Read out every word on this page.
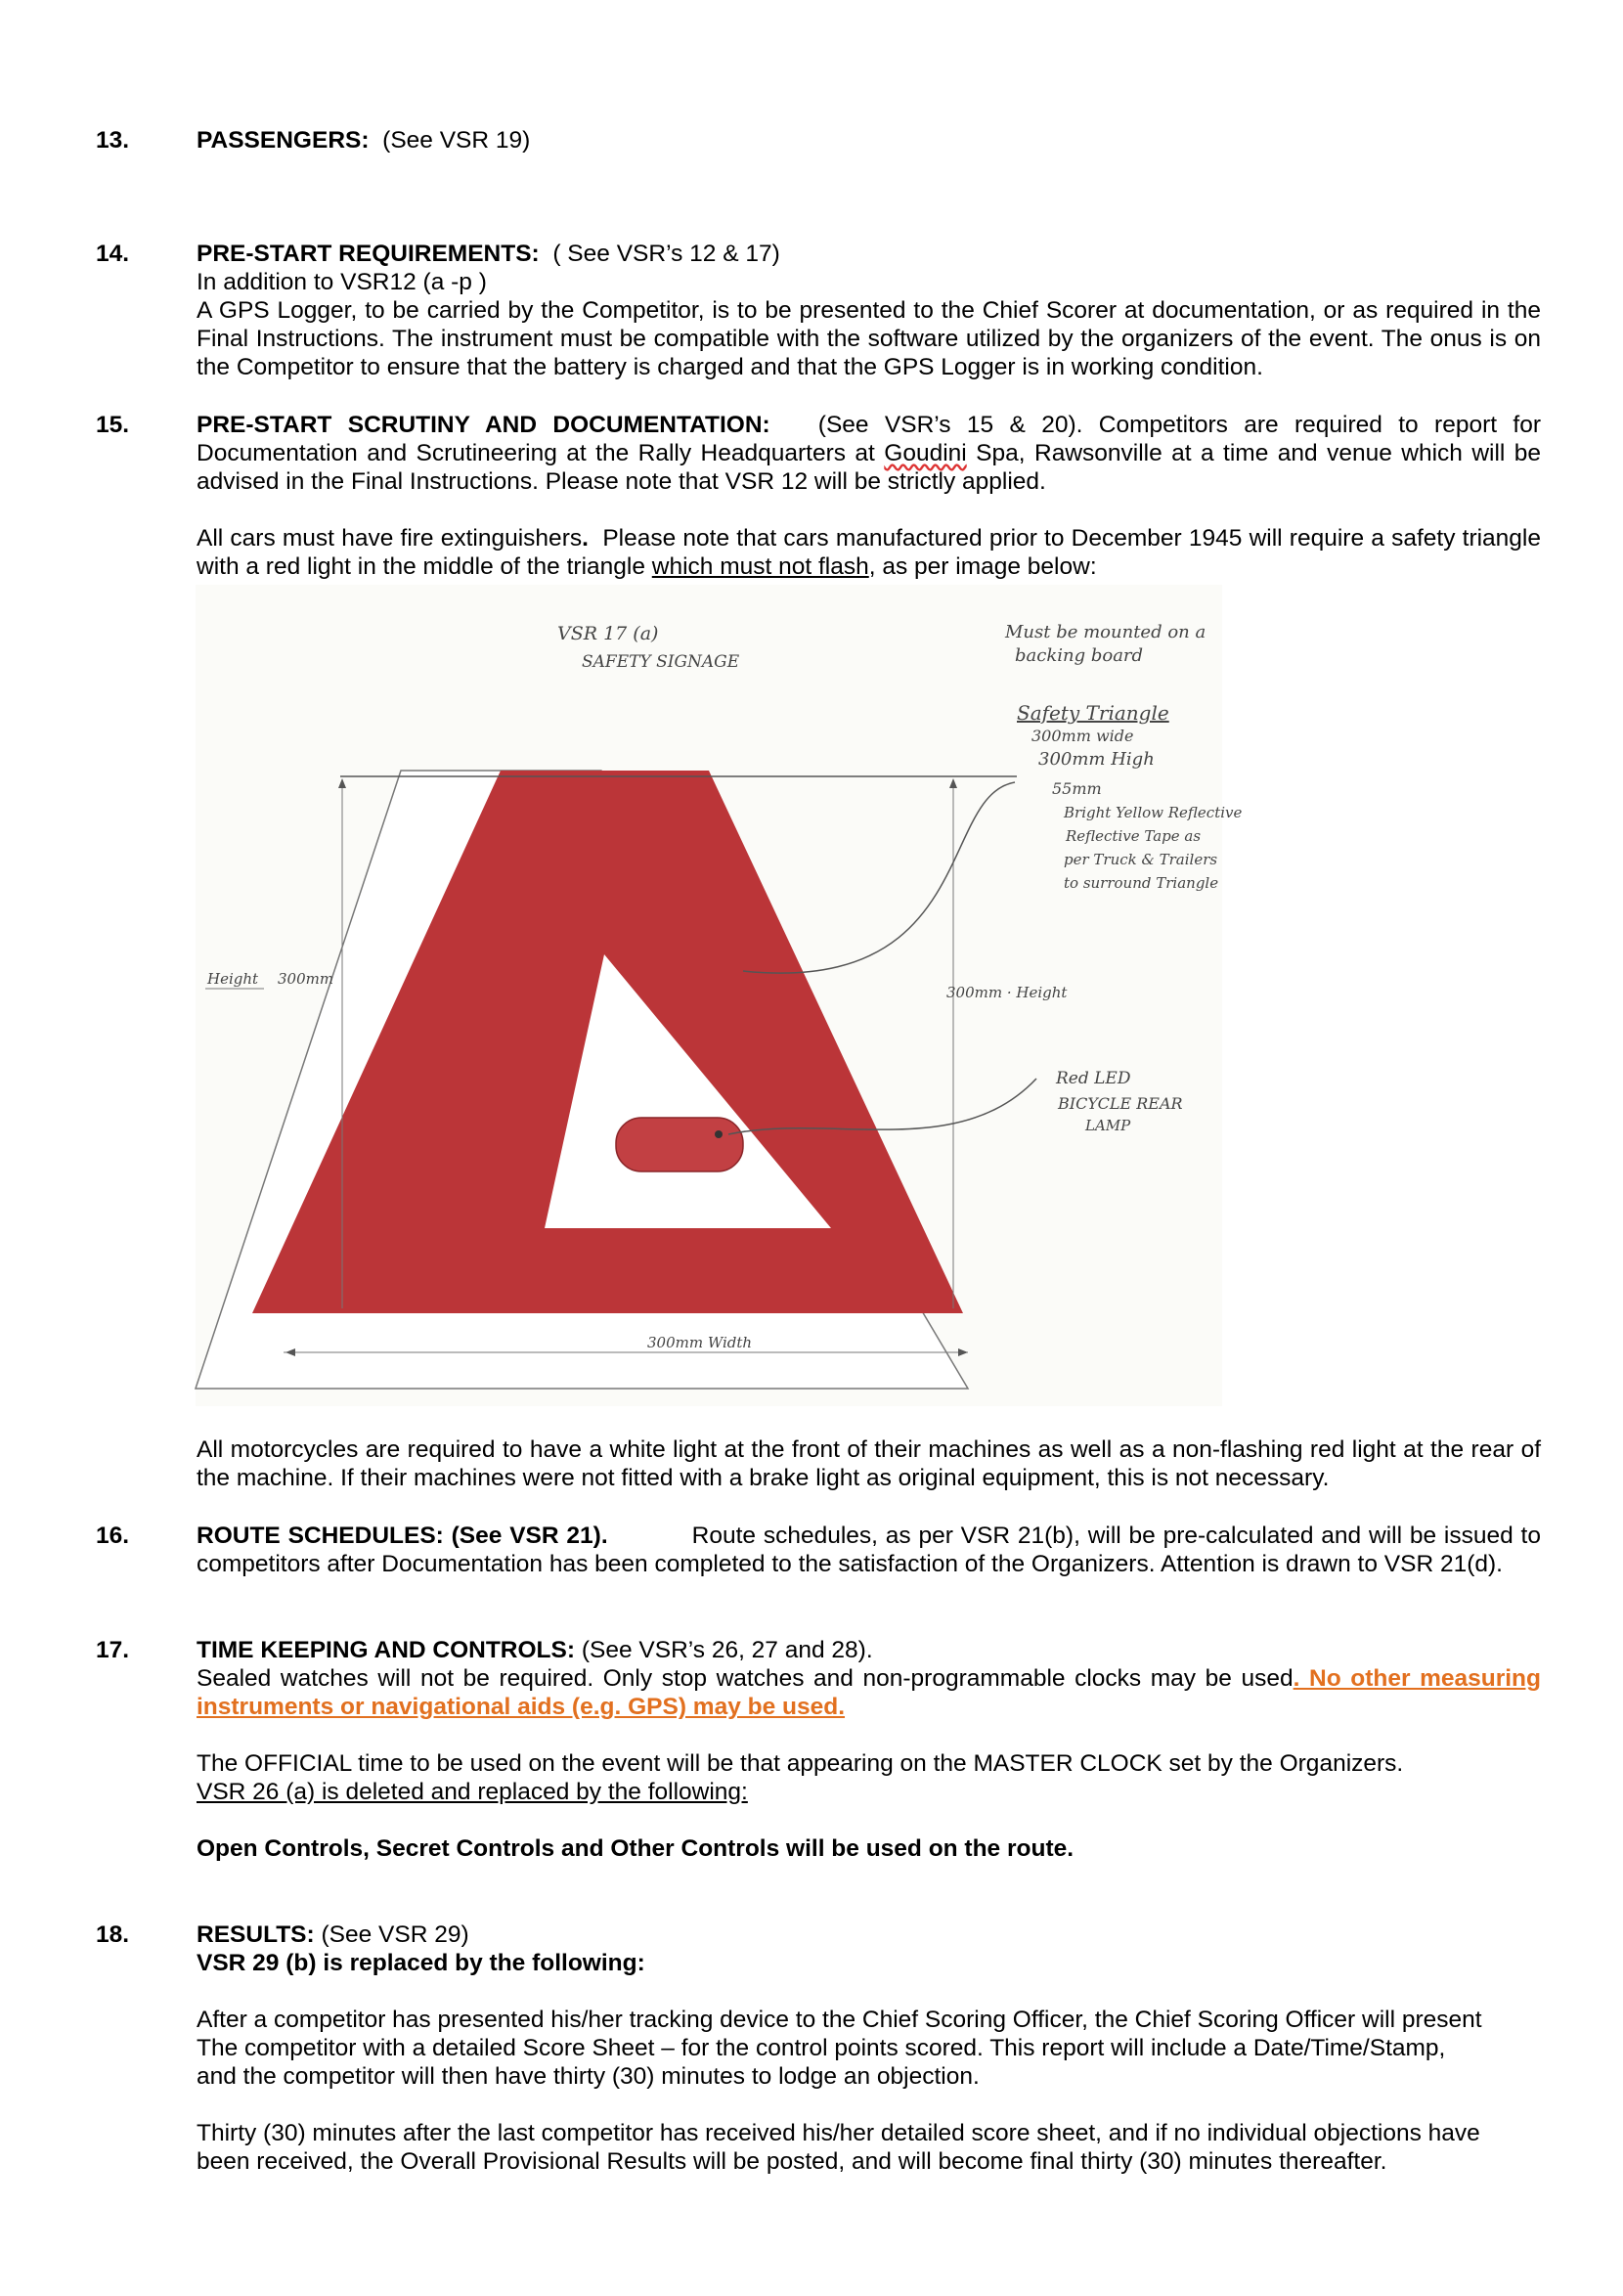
13.	PASSENGERS: (See VSR 19)

14.	PRE-START REQUIREMENTS: ( See VSR’s 12 & 17)

In addition to VSR12 (a -p )

A GPS Logger, to be carried by the Competitor, is to be presented to the Chief Scorer at documentation, or as required in the Final Instructions. The instrument must be compatible with the software utilized by the organizers of the event. The onus is on the Competitor to ensure that the battery is charged and that the GPS Logger is in working condition.

15.	PRE-START SCRUTINY AND DOCUMENTATION: (See VSR’s 15 & 20). Competitors are required to report for Documentation and Scrutineering at the Rally Headquarters at Goudini Spa, Rawsonville at a time and venue which will be advised in the Final Instructions. Please note that VSR 12 will be strictly applied.

All cars must have fire extinguishers. Please note that cars manufactured prior to December 1945 will require a safety triangle with a red light in the middle of the triangle which must not flash, as per image below:

VSR 17 (a)
SAFETY SIGNAGE
Must be mounted on a
backing board
Safety Triangle
300mm wide
300mm High
55mm
Bright Yellow Reflective
Reflective Tape as
per Truck & Trailers
to surround Triangle
Height 300mm
300mm · Height
Red LED
BICYCLE REAR
LAMP
300mm Width

All motorcycles are required to have a white light at the front of their machines as well as a non-flashing red light at the rear of the machine. If their machines were not fitted with a brake light as original equipment, this is not necessary.

16.	ROUTE SCHEDULES: (See VSR 21).	Route schedules, as per VSR 21(b), will be pre-calculated and will be issued to competitors after Documentation has been completed to the satisfaction of the Organizers. Attention is drawn to VSR 21(d).

17.	TIME KEEPING AND CONTROLS: (See VSR’s 26, 27 and 28).

Sealed watches will not be required. Only stop watches and non-programmable clocks may be used. No other measuring instruments or navigational aids (e.g. GPS) may be used.

The OFFICIAL time to be used on the event will be that appearing on the MASTER CLOCK set by the Organizers.

VSR 26 (a) is deleted and replaced by the following:

Open Controls, Secret Controls and Other Controls will be used on the route.

18.	RESULTS: (See VSR 29)

VSR 29 (b) is replaced by the following:

After a competitor has presented his/her tracking device to the Chief Scoring Officer, the Chief Scoring Officer will present

The competitor with a detailed Score Sheet – for the control points scored. This report will include a Date/Time/Stamp,

and the competitor will then have thirty (30) minutes to lodge an objection.

Thirty (30) minutes after the last competitor has received his/her detailed score sheet, and if no individual objections have

been received, the Overall Provisional Results will be posted, and will become final thirty (30) minutes thereafter.
